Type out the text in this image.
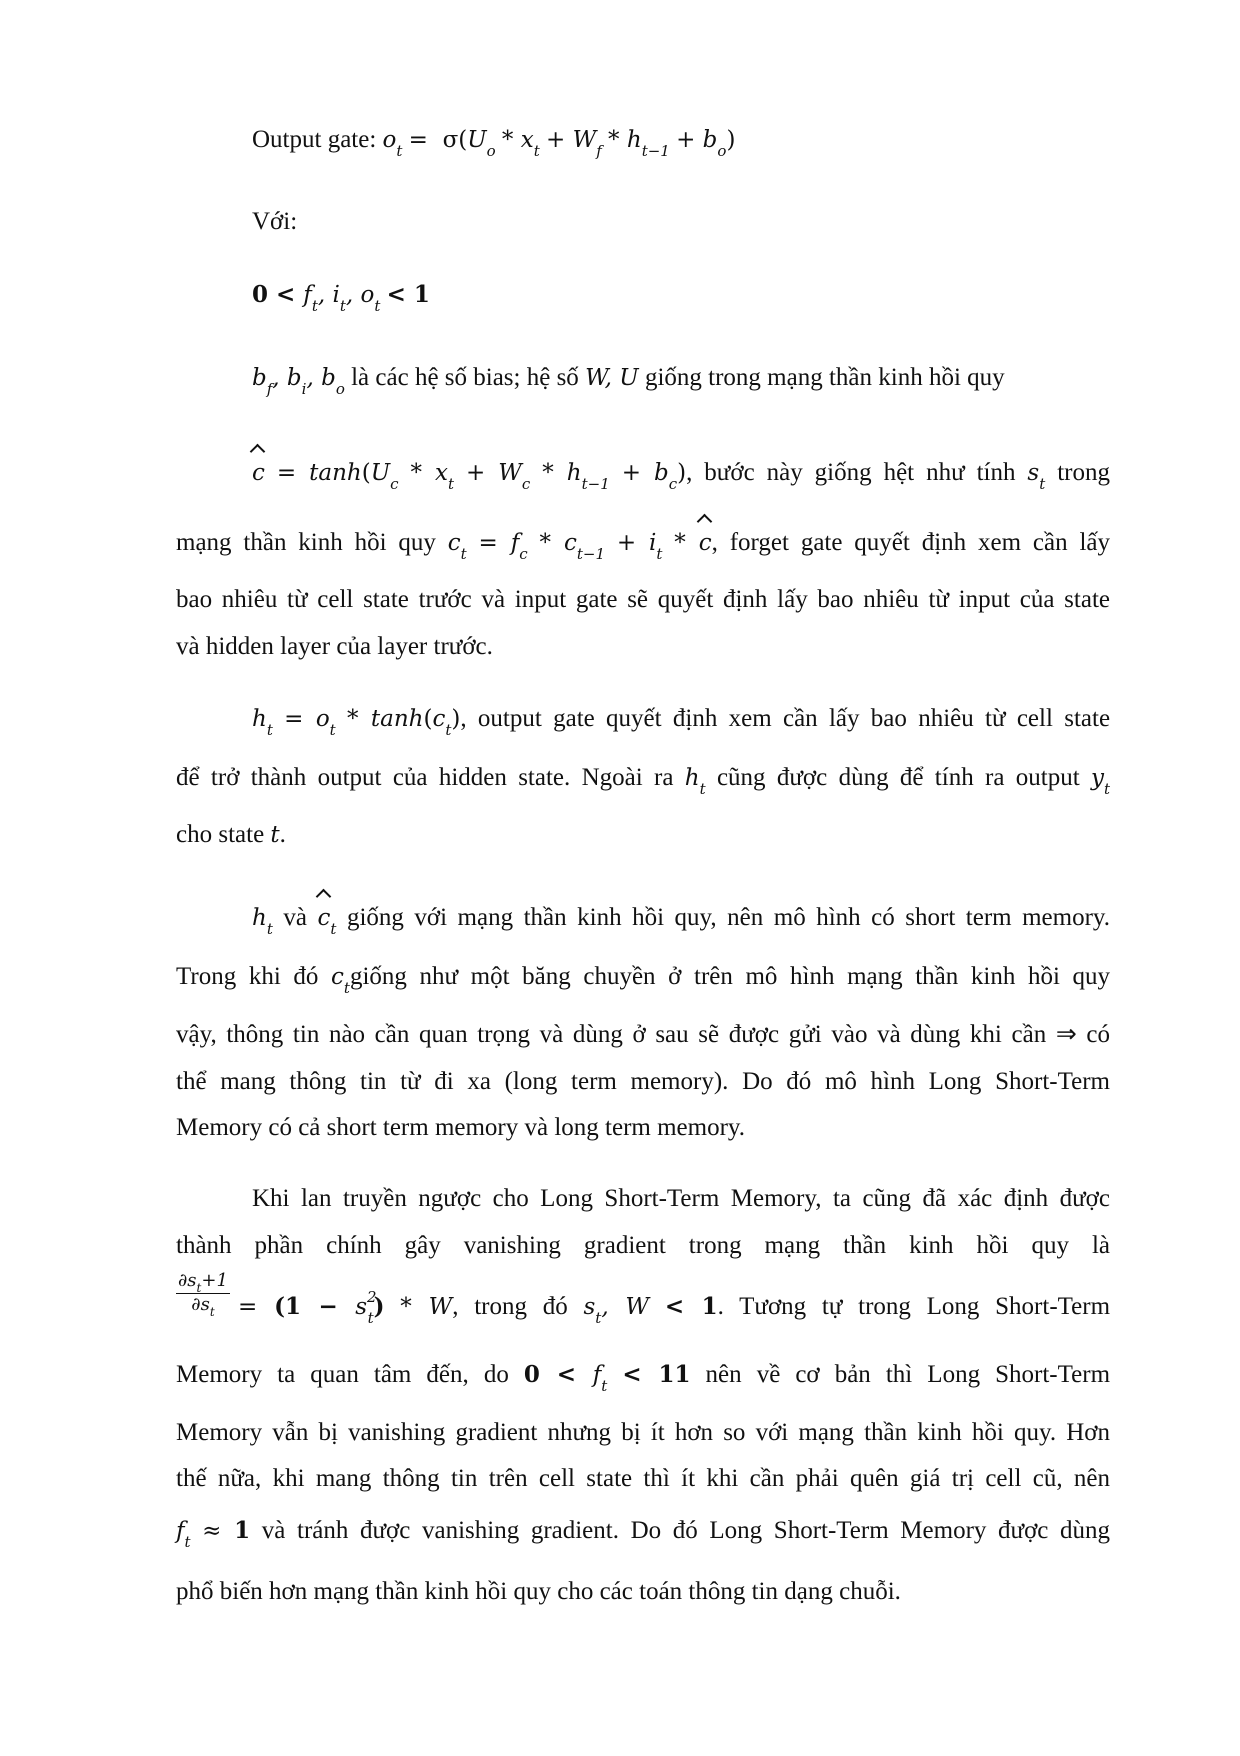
Output gate: $o_t = \sigma(U_o * x_t + W_f * h_{t-1} + b_o)$
Với:
$0 < f_t$, $i_t$, $o_t < 1$
$b_f$, $b_i$, $b_o$ là các hệ số bias; hệ số W, U giống trong mạng thần kinh hồi quy
$c = \tanh(U_c * x_t + W_c * h_{t-1} + b_c)$, bước này giống hệt như tính $s_t$ trong
mạng thần kinh hồi quy $c_t = f_c * c_{t-1} + i_t * c$, forget gate quyết định xem cần lấy
bao nhiêu từ cell state trước và input gate sẽ quyết định lấy bao nhiêu từ input của state
và hidden layer của layer trước.
$h_t = o_t * \tanh(c_t)$, output gate quyết định xem cần lấy bao nhiêu từ cell state
để trở thành output của hidden state. Ngoài ra $h_t$ cũng được dùng để tính ra output $y_t$
cho state t.
$h_t$ và $c_t$ giống với mạng thần kinh hồi quy, nên mô hình có short term memory.
Trong khi đó $c_tgiống$ như một băng chuyền ở trên mô hình mạng thần kinh hồi quy
vậy, thông tin nào cần quan trọng và dùng ở sau sẽ được gửi vào và dùng khi cần ⇒ có
thể mang thông tin từ đi xa (long term memory). Do đó mô hình Long Short-Term
Memory có cả short term memory và long term memory.
Khi lan truyền ngược cho Long Short-Term Memory, ta cũng đã xác định được
thành phần chính gây vanishing gradient trong mạng thần kinh hồi quy là
$\frac{\partial s_t+1}{\partial s_t} = (1 - s^2_t) * W$, trong đó $s_t$, W < 1. Tương tự trong Long Short-Term
Memory ta quan tâm đến, do $0 < f_t < 11$ nên về cơ bản thì Long Short-Term
Memory vẫn bị vanishing gradient nhưng bị ít hơn so với mạng thần kinh hồi quy. Hơn
thế nữa, khi mang thông tin trên cell state thì ít khi cần phải quên giá trị cell cũ, nên
$f_t \approx 1$ và tránh được vanishing gradient. Do đó Long Short-Term Memory được dùng
phổ biến hơn mạng thần kinh hồi quy cho các toán thông tin dạng chuỗi.
